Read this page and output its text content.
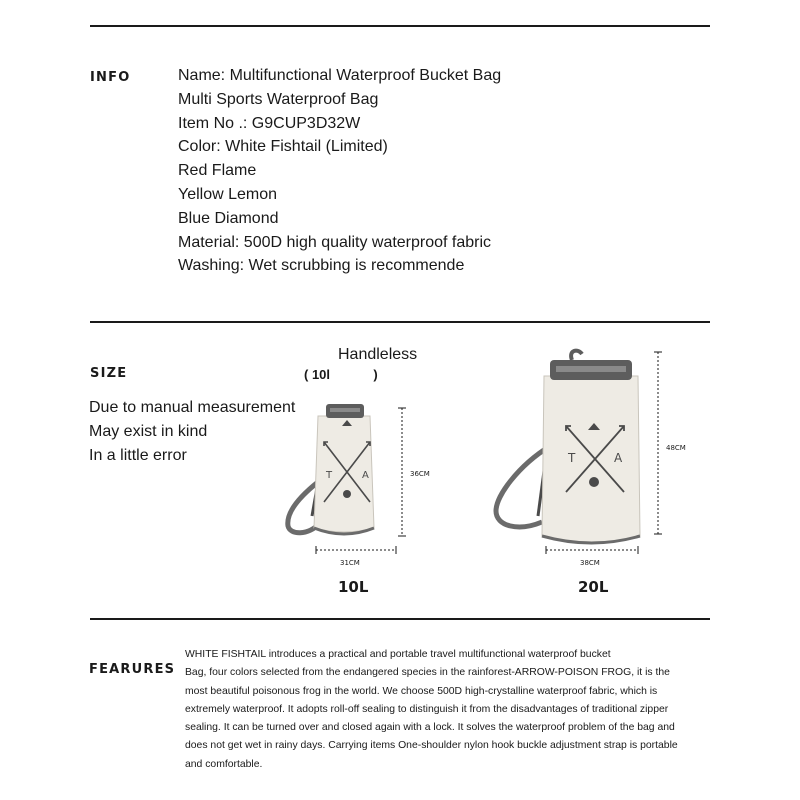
INFO	Name: Multifunctional Waterproof Bucket Bag
Multi Sports Waterproof Bag
Item No .: G9CUP3D32W
Color: White Fishtail (Limited)
Red Flame
Yellow Lemon
Blue Diamond
Material: 500D high quality waterproof fabric
Washing: Wet scrubbing is recommende
SIZE
Handleless
( 10l            )
Due to manual measurement
May exist in kind
In a little error
T	A	36CM
31CM
10L
T	A
48CM
38CM
20L
FEARURES
WHITE FISHTAIL introduces a practical and portable travel multifunctional waterproof bucket
Bag, four colors selected from the endangered species in the rainforest-ARROW-POISON FROG, it is the
most beautiful poisonous frog in the world. We choose 500D high-crystalline waterproof fabric, which is
extremely waterproof. It adopts roll-off sealing to distinguish it from the disadvantages of traditional zipper
sealing. It can be turned over and closed again with a lock. It solves the waterproof problem of the bag and
does not get wet in rainy days. Carrying items One-shoulder nylon hook buckle adjustment strap is portable
and comfortable.
